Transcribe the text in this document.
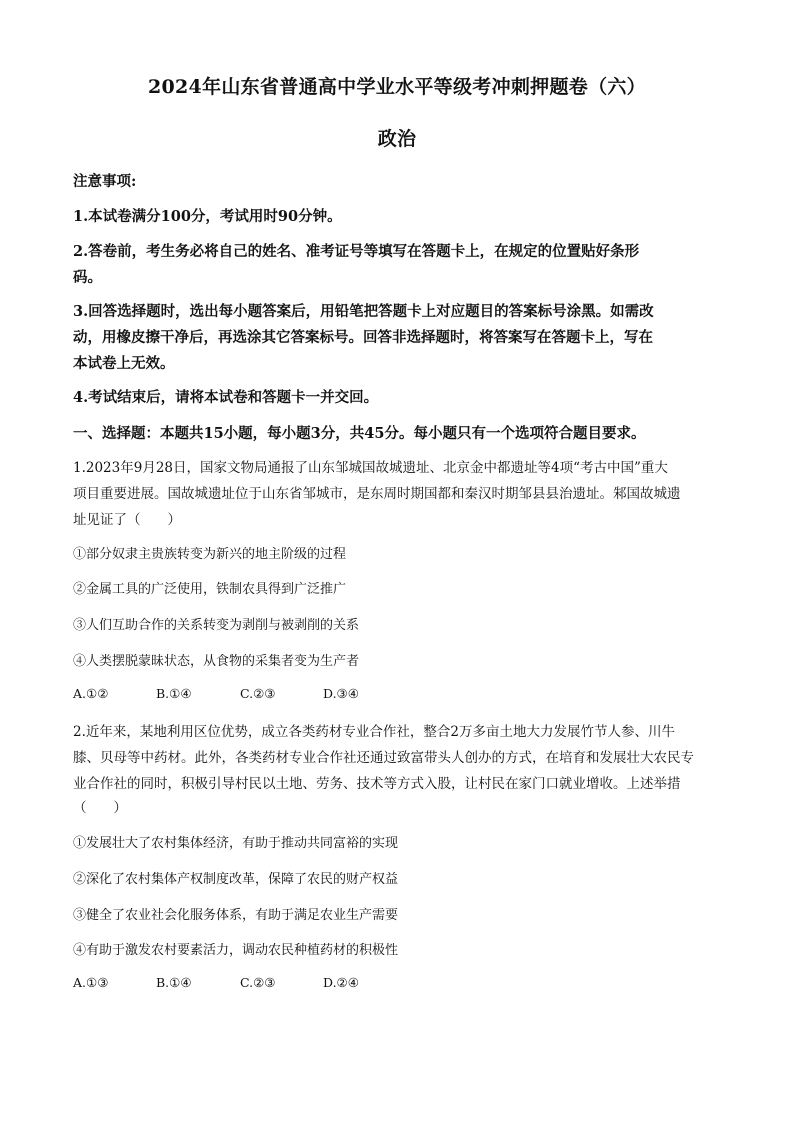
2024年山东省普通高中学业水平等级考冲刺押题卷（六）
政治
注意事项:
1.本试卷满分100分，考试用时90分钟。
2.答卷前，考生务必将自己的姓名、准考证号等填写在答题卡上，在规定的位置贴好条形
码。
3.回答选择题时，选出每小题答案后，用铅笔把答题卡上对应题目的答案标号涂黑。如需改
动，用橡皮擦干净后，再选涂其它答案标号。回答非选择题时，将答案写在答题卡上，写在
本试卷上无效。
4.考试结束后，请将本试卷和答题卡一并交回。
一、选择题：本题共15小题，每小题3分，共45分。每小题只有一个选项符合题目要求。
1.2023年9月28日，国家文物局通报了山东邹城国故城遗址、北京金中都遗址等4项“考古中国”重大
项目重要进展。国故城遗址位于山东省邹城市，是东周时期国都和秦汉时期邹县县治遗址。邾国故城遗
址见证了（　　）
①部分奴隶主贵族转变为新兴的地主阶级的过程
②金属工具的广泛使用，铁制农具得到广泛推广
③人们互助合作的关系转变为剥削与被剥削的关系
④人类摆脱蒙昧状态，从食物的采集者变为生产者
A.①②	B.①④	C.②③	D.③④
2.近年来，某地利用区位优势，成立各类药材专业合作社，整合2万多亩土地大力发展竹节人参、川牛
膝、贝母等中药材。此外，各类药材专业合作社还通过致富带头人创办的方式，在培育和发展壮大农民专
业合作社的同时，积极引导村民以土地、劳务、技术等方式入股，让村民在家门口就业增收。上述举措
（　　）
①发展壮大了农村集体经济，有助于推动共同富裕的实现
②深化了农村集体产权制度改革，保障了农民的财产权益
③健全了农业社会化服务体系，有助于满足农业生产需要
④有助于激发农村要素活力，调动农民种植药材的积极性
A.①③	B.①④	C.②③	D.②④
